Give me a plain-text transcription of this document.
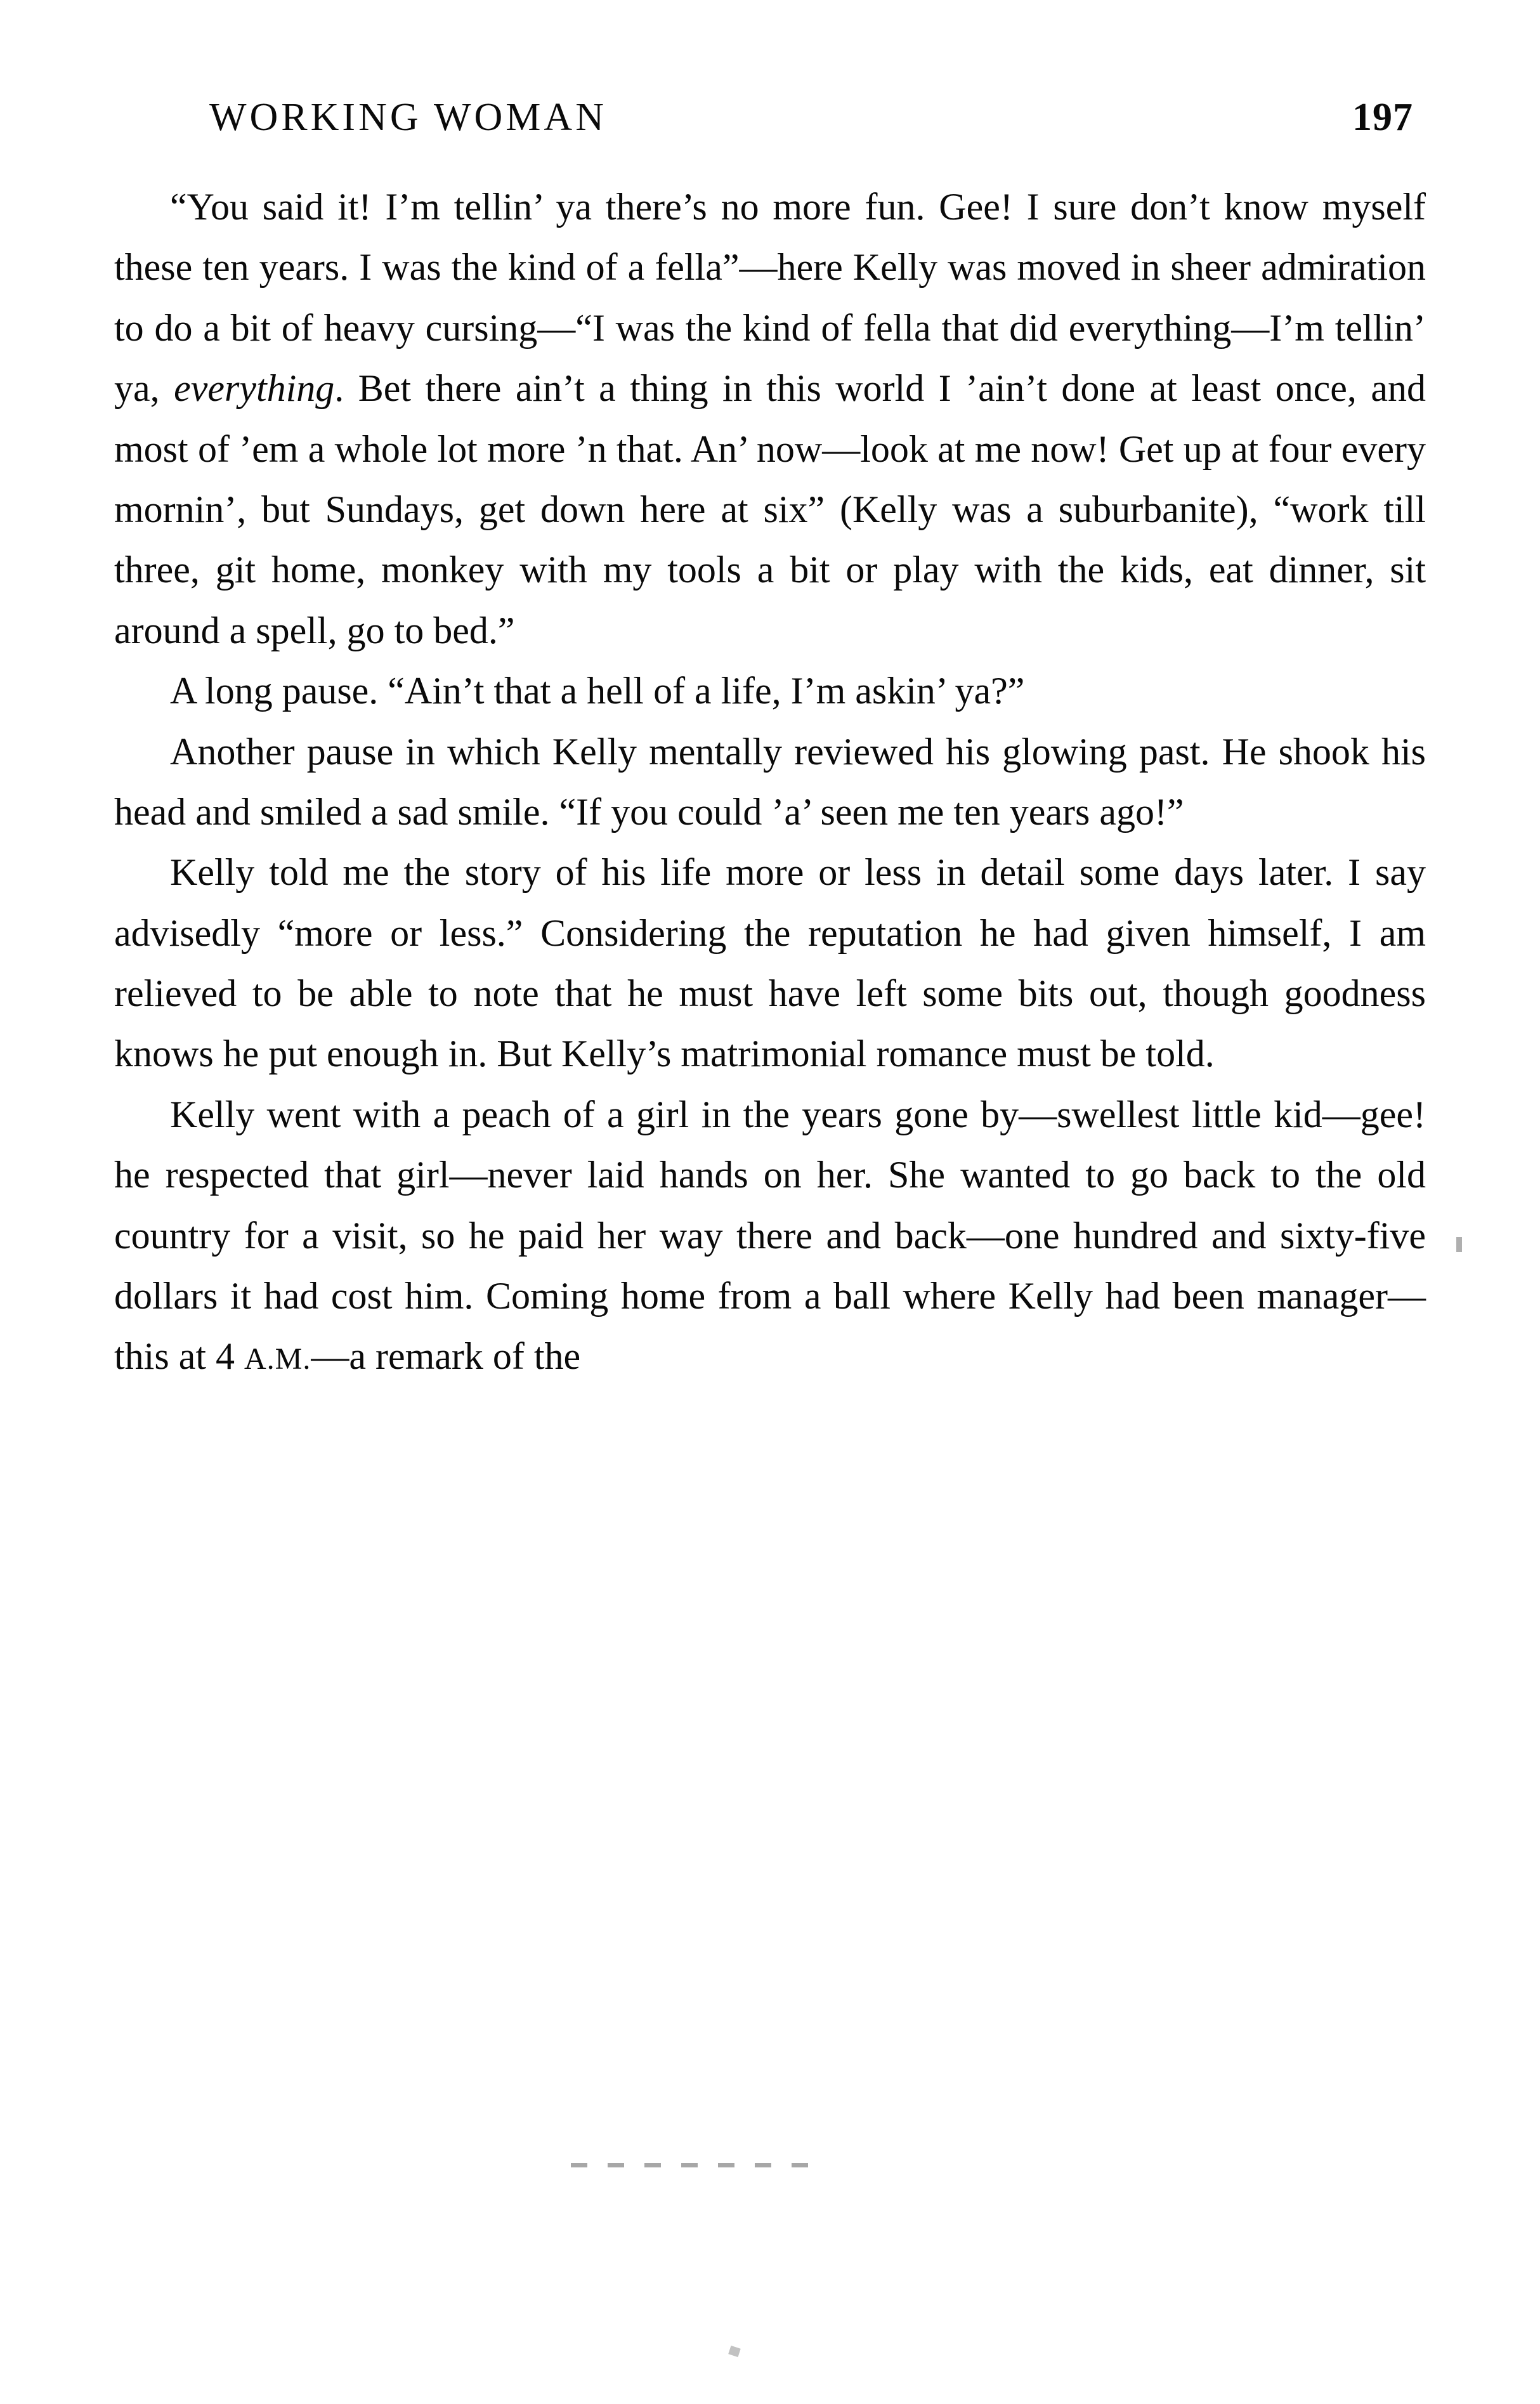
WORKING WOMAN	197

“You said it! I’m tellin’ ya there’s no more fun. Gee! I sure don’t know myself these ten years. I was the kind of a fella”—here Kelly was moved in sheer admiration to do a bit of heavy cursing—“I was the kind of fella that did everything—I’m tellin’ ya, everything. Bet there ain’t a thing in this world I ’ain’t done at least once, and most of ’em a whole lot more ’n that. An’ now—look at me now! Get up at four every mornin’, but Sundays, get down here at six” (Kelly was a suburbanite), “work till three, git home, monkey with my tools a bit or play with the kids, eat dinner, sit around a spell, go to bed.”

A long pause. “Ain’t that a hell of a life, I’m askin’ ya?”

Another pause in which Kelly mentally reviewed his glowing past. He shook his head and smiled a sad smile. “If you could ’a’ seen me ten years ago!”

Kelly told me the story of his life more or less in detail some days later. I say advisedly “more or less.” Considering the reputation he had given himself, I am relieved to be able to note that he must have left some bits out, though goodness knows he put enough in. But Kelly’s matrimonial romance must be told.

Kelly went with a peach of a girl in the years gone by—swellest little kid—gee! he respected that girl—never laid hands on her. She wanted to go back to the old country for a visit, so he paid her way there and back—one hundred and sixty-five dollars it had cost him. Coming home from a ball where Kelly had been manager—this at 4 A.M.—a remark of the
